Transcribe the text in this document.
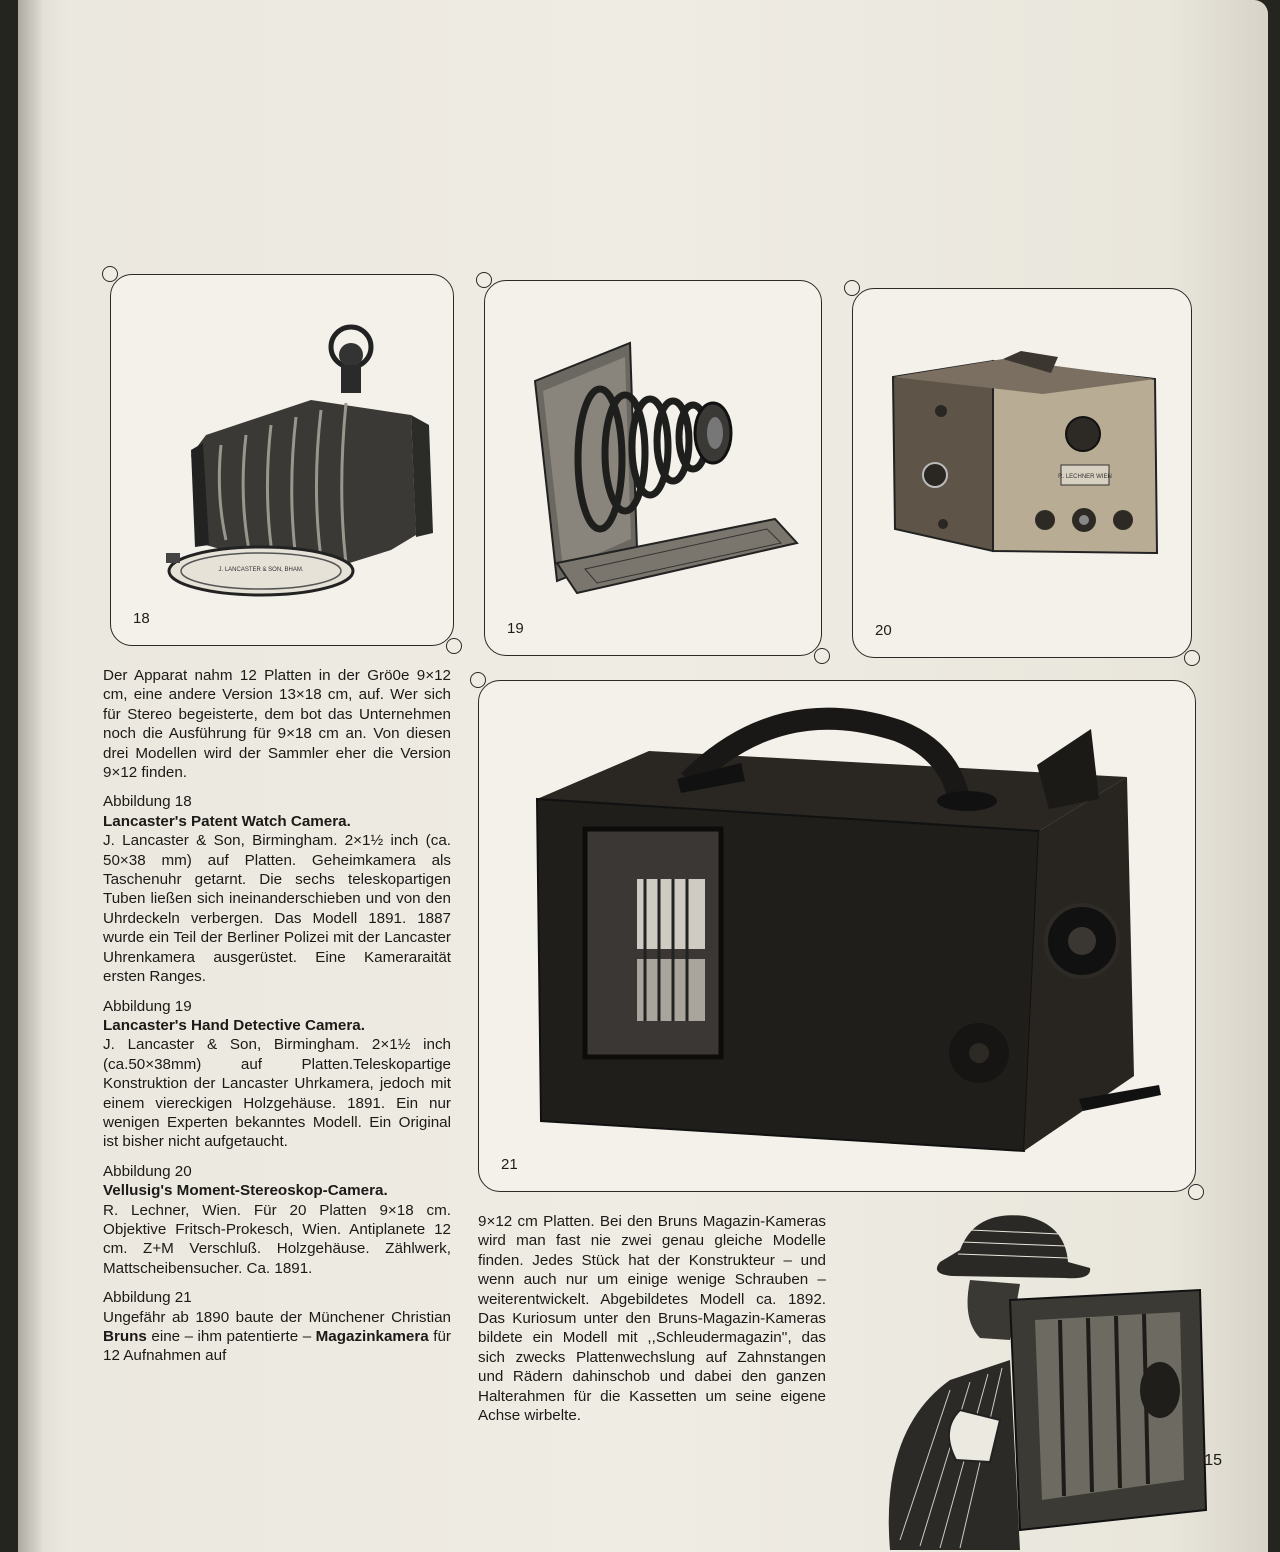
J. LANCASTER & SON, BHAM.
18
19
R. LECHNER WIEN
20
21

Der Apparat nahm 12 Platten in der Grö0e 9×12 cm, eine andere Version 13×18 cm, auf. Wer sich für Stereo begeisterte, dem bot das Unternehmen noch die Ausführung für 9×18 cm an. Von diesen drei Modellen wird der Sammler eher die Version 9×12 finden.

Abbildung 18
Lancaster's Patent Watch Camera.
J. Lancaster & Son, Birmingham. 2×1½ inch (ca. 50×38 mm) auf Platten. Geheimkamera als Taschenuhr getarnt. Die sechs teleskopartigen Tuben ließen sich ineinanderschieben und von den Uhrdeckeln verbergen. Das Modell 1891. 1887 wurde ein Teil der Berliner Polizei mit der Lancaster Uhrenkamera ausgerüstet. Eine Kameraraität ersten Ranges.

Abbildung 19
Lancaster's Hand Detective Camera.
J. Lancaster & Son, Birmingham. 2×1½ inch (ca.50×38mm) auf Platten.Teleskopartige Konstruktion der Lancaster Uhrkamera, jedoch mit einem viereckigen Holzgehäuse. 1891. Ein nur wenigen Experten bekanntes Modell. Ein Original ist bisher nicht aufgetaucht.

Abbildung 20
Vellusig's Moment-Stereoskop-Camera.
R. Lechner, Wien. Für 20 Platten 9×18 cm. Objektive Fritsch-Prokesch, Wien. Antiplanete 12 cm. Z+M Verschluß. Holzgehäuse. Zählwerk, Mattscheibensucher. Ca. 1891.

Abbildung 21
Ungefähr ab 1890 baute der Münchener Christian Bruns eine – ihm patentierte – Magazinkamera für 12 Aufnahmen auf

9×12 cm Platten. Bei den Bruns Magazin-Kameras wird man fast nie zwei genau gleiche Modelle finden. Jedes Stück hat der Konstrukteur – und wenn auch nur um einige wenige Schrauben – weiterentwickelt. Abgebildetes Modell ca. 1892. Das Kuriosum unter den Bruns-Magazin-Kameras bildete ein Modell mit ,,Schleudermagazin'', das sich zwecks Plattenwechslung auf Zahnstangen und Rädern dahinschob und dabei den ganzen Halterahmen für die Kassetten um seine eigene Achse wirbelte.

15
